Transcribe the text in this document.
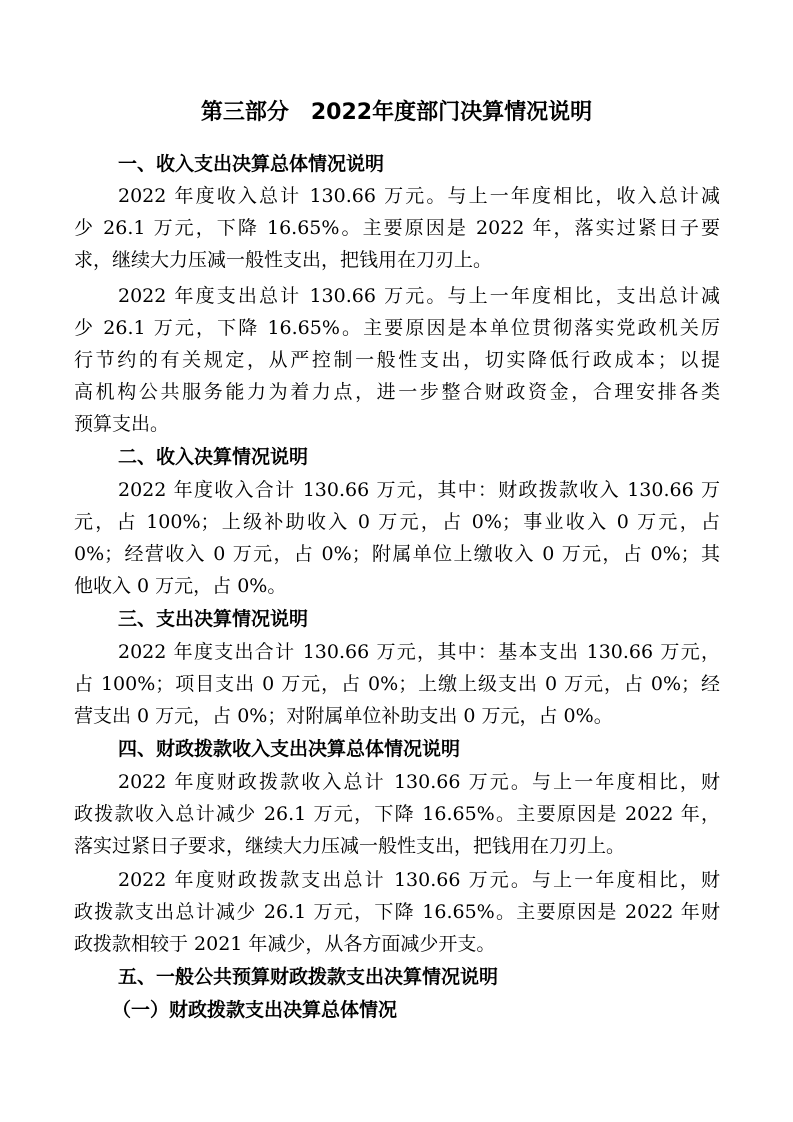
第三部分　2022年度部门决算情况说明
一、收入支出决算总体情况说明
2022 年度收入总计 130.66 万元。与上一年度相比，收入总计减
少 26.1 万元，下降 16.65%。主要原因是 2022 年，落实过紧日子要
求，继续大力压减一般性支出，把钱用在刀刃上。
2022 年度支出总计 130.66 万元。与上一年度相比，支出总计减
少 26.1 万元，下降 16.65%。主要原因是本单位贯彻落实党政机关厉
行节约的有关规定，从严控制一般性支出，切实降低行政成本；以提
高机构公共服务能力为着力点，进一步整合财政资金，合理安排各类
预算支出。
二、收入决算情况说明
2022 年度收入合计 130.66 万元，其中：财政拨款收入 130.66 万
元，占 100%；上级补助收入 0 万元，占 0%；事业收入 0 万元，占
0%；经营收入 0 万元，占 0%；附属单位上缴收入 0 万元，占 0%；其
他收入 0 万元，占 0%。
三、支出决算情况说明
2022 年度支出合计 130.66 万元，其中：基本支出 130.66 万元，
占 100%；项目支出 0 万元，占 0%；上缴上级支出 0 万元，占 0%；经
营支出 0 万元，占 0%；对附属单位补助支出 0 万元，占 0%。
四、财政拨款收入支出决算总体情况说明
2022 年度财政拨款收入总计 130.66 万元。与上一年度相比，财
政拨款收入总计减少 26.1 万元，下降 16.65%。主要原因是 2022 年，
落实过紧日子要求，继续大力压减一般性支出，把钱用在刀刃上。
2022 年度财政拨款支出总计 130.66 万元。与上一年度相比，财
政拨款支出总计减少 26.1 万元，下降 16.65%。主要原因是 2022 年财
政拨款相较于 2021 年减少，从各方面减少开支。
五、一般公共预算财政拨款支出决算情况说明
（一）财政拨款支出决算总体情况
